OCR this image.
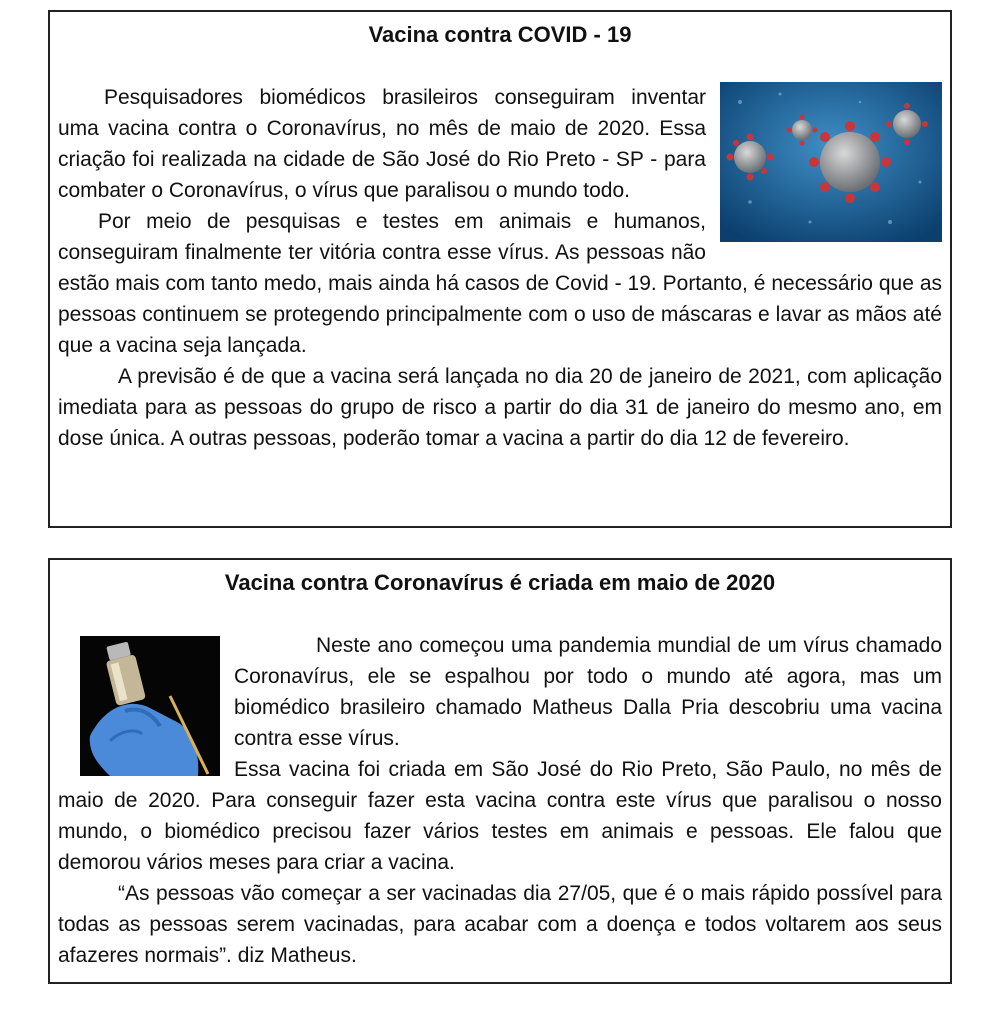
Vacina contra COVID - 19

Pesquisadores biomédicos brasileiros conseguiram inventar uma vacina contra o Coronavírus, no mês de maio de 2020. Essa criação foi realizada na cidade de São José do Rio Preto - SP - para combater o Coronavírus, o vírus que paralisou o mundo todo.

Por meio de pesquisas e testes em animais e humanos, conseguiram finalmente ter vitória contra esse vírus. As pessoas não estão mais com tanto medo, mais ainda há casos de Covid - 19. Portanto, é necessário que as pessoas continuem se protegendo principalmente com o uso de máscaras e lavar as mãos até que a vacina seja lançada.

A previsão é de que a vacina será lançada no dia 20 de janeiro de 2021, com aplicação imediata para as pessoas do grupo de risco a partir do dia 31 de janeiro do mesmo ano, em dose única. A outras pessoas, poderão tomar a vacina a partir do dia 12 de fevereiro.

Vacina contra Coronavírus é criada em maio de 2020

Neste ano começou uma pandemia mundial de um vírus chamado Coronavírus, ele se espalhou por todo o mundo até agora, mas um biomédico brasileiro chamado Matheus Dalla Pria descobriu uma vacina contra esse vírus.

Essa vacina foi criada em São José do Rio Preto, São Paulo, no mês de maio de 2020. Para conseguir fazer esta vacina contra este vírus que paralisou o nosso mundo, o biomédico precisou fazer vários testes em animais e pessoas. Ele falou que demorou vários meses para criar a vacina.

“As pessoas vão começar a ser vacinadas dia 27/05, que é o mais rápido possível para todas as pessoas serem vacinadas, para acabar com a doença e todos voltarem aos seus afazeres normais”. diz Matheus.
